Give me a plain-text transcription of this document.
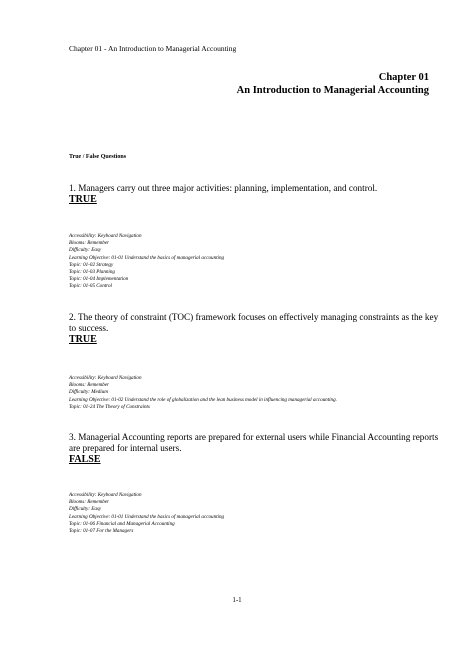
Chapter 01 - An Introduction to Managerial Accounting
Chapter 01
An Introduction to Managerial Accounting
True / False Questions
1. Managers carry out three major activities: planning, implementation, and control.
TRUE
Accessibility: Keyboard Navigation
Blooms: Remember
Difficulty: Easy
Learning Objective: 01-01 Understand the basics of managerial accounting
Topic: 01-02 Strategy
Topic: 01-03 Planning
Topic: 01-04 Implementation
Topic: 01-05 Control
2. The theory of constraint (TOC) framework focuses on effectively managing constraints as the key to success.
TRUE
Accessibility: Keyboard Navigation
Blooms: Remember
Difficulty: Medium
Learning Objective: 01-02 Understand the role of globalization and the lean business model in influencing managerial accounting.
Topic: 01-24 The Theory of Constraints
3. Managerial Accounting reports are prepared for external users while Financial Accounting reports are prepared for internal users.
FALSE
Accessibility: Keyboard Navigation
Blooms: Remember
Difficulty: Easy
Learning Objective: 01-01 Understand the basics of managerial accounting
Topic: 01-06 Financial and Managerial Accounting
Topic: 01-07 For the Managers
1-1
